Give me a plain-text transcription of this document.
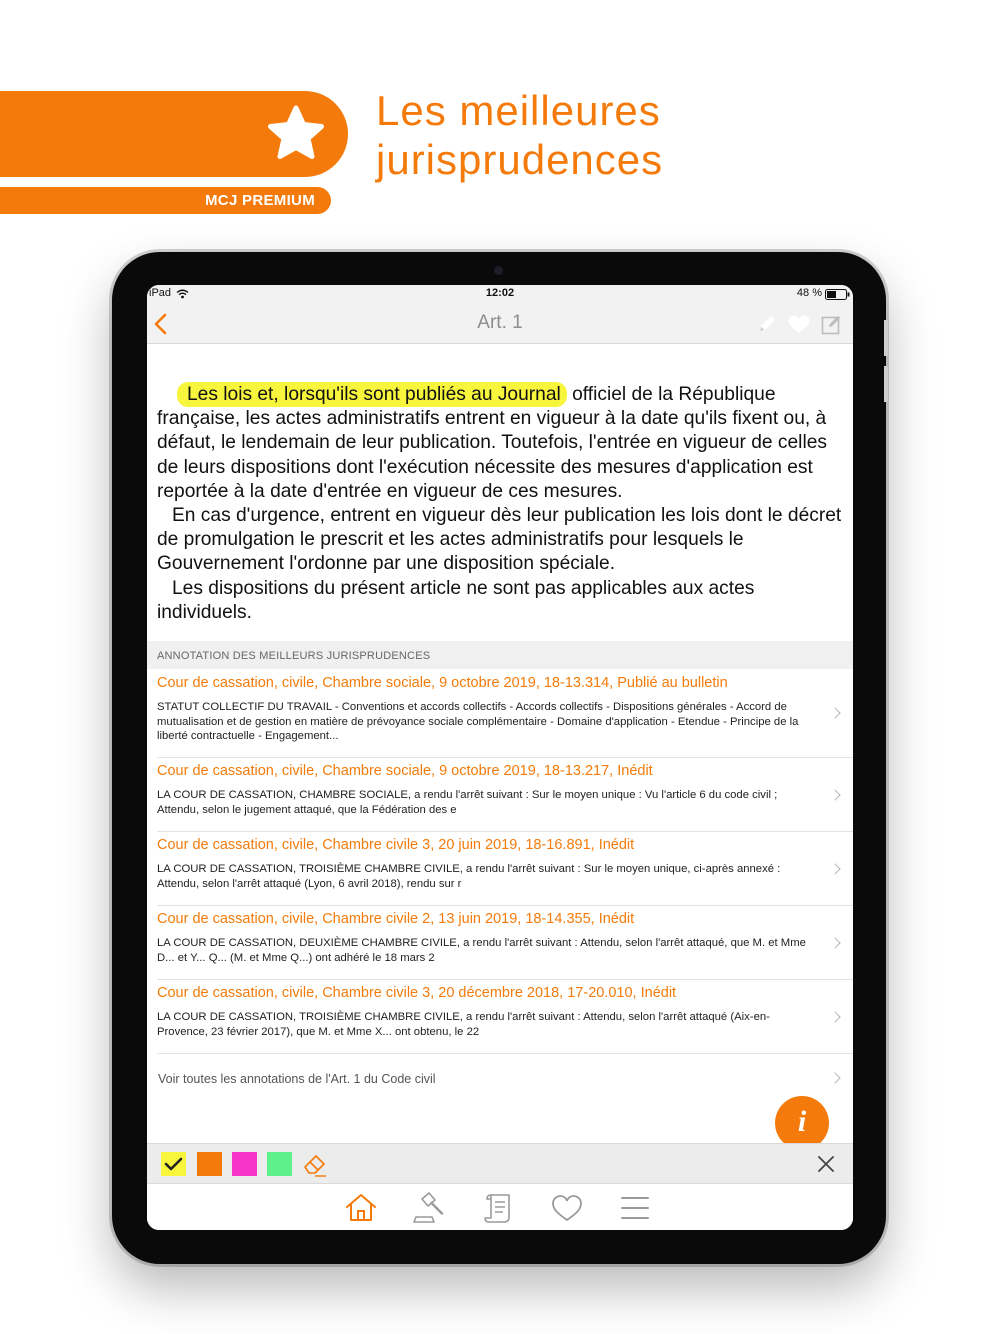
MCJ PREMIUM
Les meilleures
jurisprudences
iPad	12:02	48 %
Art. 1

Les lois et, lorsqu'ils sont publiés au Journal officiel de la République française, les actes administratifs entrent en vigueur à la date qu'ils fixent ou, à défaut, le lendemain de leur publication. Toutefois, l'entrée en vigueur de celles de leurs dispositions dont l'exécution nécessite des mesures d'application est reportée à la date d'entrée en vigueur de ces mesures.

En cas d'urgence, entrent en vigueur dès leur publication les lois dont le décret de promulgation le prescrit et les actes administratifs pour lesquels le Gouvernement l'ordonne par une disposition spéciale.

Les dispositions du présent article ne sont pas applicables aux actes individuels.

ANNOTATION DES MEILLEURS JURISPRUDENCES
Cour de cassation, civile, Chambre sociale, 9 octobre 2019, 18-13.314, Publié au bulletin
STATUT COLLECTIF DU TRAVAIL - Conventions et accords collectifs - Accords collectifs - Dispositions générales - Accord de mutualisation et de gestion en matière de prévoyance sociale complémentaire - Domaine d'application - Etendue - Principe de la liberté contractuelle - Engagement...
Cour de cassation, civile, Chambre sociale, 9 octobre 2019, 18-13.217, Inédit
LA COUR DE CASSATION, CHAMBRE SOCIALE, a rendu l'arrêt suivant : Sur le moyen unique : Vu l'article 6 du code civil ; Attendu, selon le jugement attaqué, que la Fédération des e
Cour de cassation, civile, Chambre civile 3, 20 juin 2019, 18-16.891, Inédit
LA COUR DE CASSATION, TROISIÈME CHAMBRE CIVILE, a rendu l'arrêt suivant : Sur le moyen unique, ci-après annexé : Attendu, selon l'arrêt attaqué (Lyon, 6 avril 2018), rendu sur r
Cour de cassation, civile, Chambre civile 2, 13 juin 2019, 18-14.355, Inédit
LA COUR DE CASSATION, DEUXIÈME CHAMBRE CIVILE, a rendu l'arrêt suivant : Attendu, selon l'arrêt attaqué, que M. et Mme D... et Y... Q... (M. et Mme Q...) ont adhéré le 18 mars 2
Cour de cassation, civile, Chambre civile 3, 20 décembre 2018, 17-20.010, Inédit
LA COUR DE CASSATION, TROISIÈME CHAMBRE CIVILE, a rendu l'arrêt suivant : Attendu, selon l'arrêt attaqué (Aix-en-Provence, 23 février 2017), que M. et Mme X... ont obtenu, le 22
Voir toutes les annotations de l'Art. 1 du Code civil
i
